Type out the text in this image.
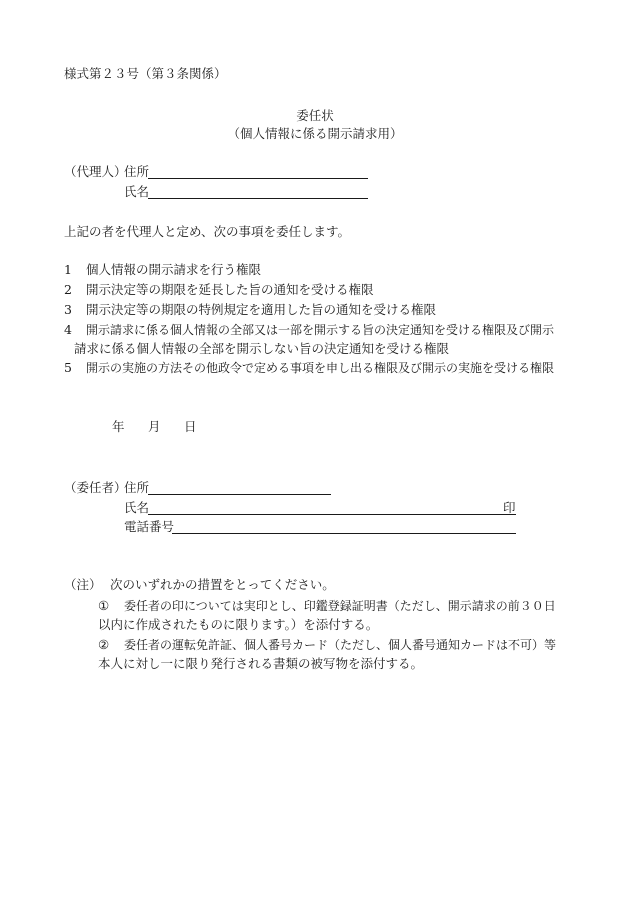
様式第２３号（第３条関係）
委任状
（個人情報に係る開示請求用）
（代理人）
住所
氏名
上記の者を代理人と定め、次の事項を委任します。
1 個人情報の開示請求を行う権限
2 開示決定等の期限を延長した旨の通知を受ける権限
3 開示決定等の期限の特例規定を適用した旨の通知を受ける権限
4 開示請求に係る個人情報の全部又は一部を開示する旨の決定通知を受ける権限及び開示
請求に係る個人情報の全部を開示しない旨の決定通知を受ける権限
5 開示の実施の方法その他政令で定める事項を申し出る権限及び開示の実施を受ける権限
年 月 日
（委任者）
住所
氏名	印
電話番号
（注） 次のいずれかの措置をとってください。
① 委任者の印については実印とし、印鑑登録証明書（ただし、開示請求の前３０日
以内に作成されたものに限ります。）を添付する。
② 委任者の運転免許証、個人番号カード（ただし、個人番号通知カードは不可）等
本人に対し一に限り発行される書類の被写物を添付する。
